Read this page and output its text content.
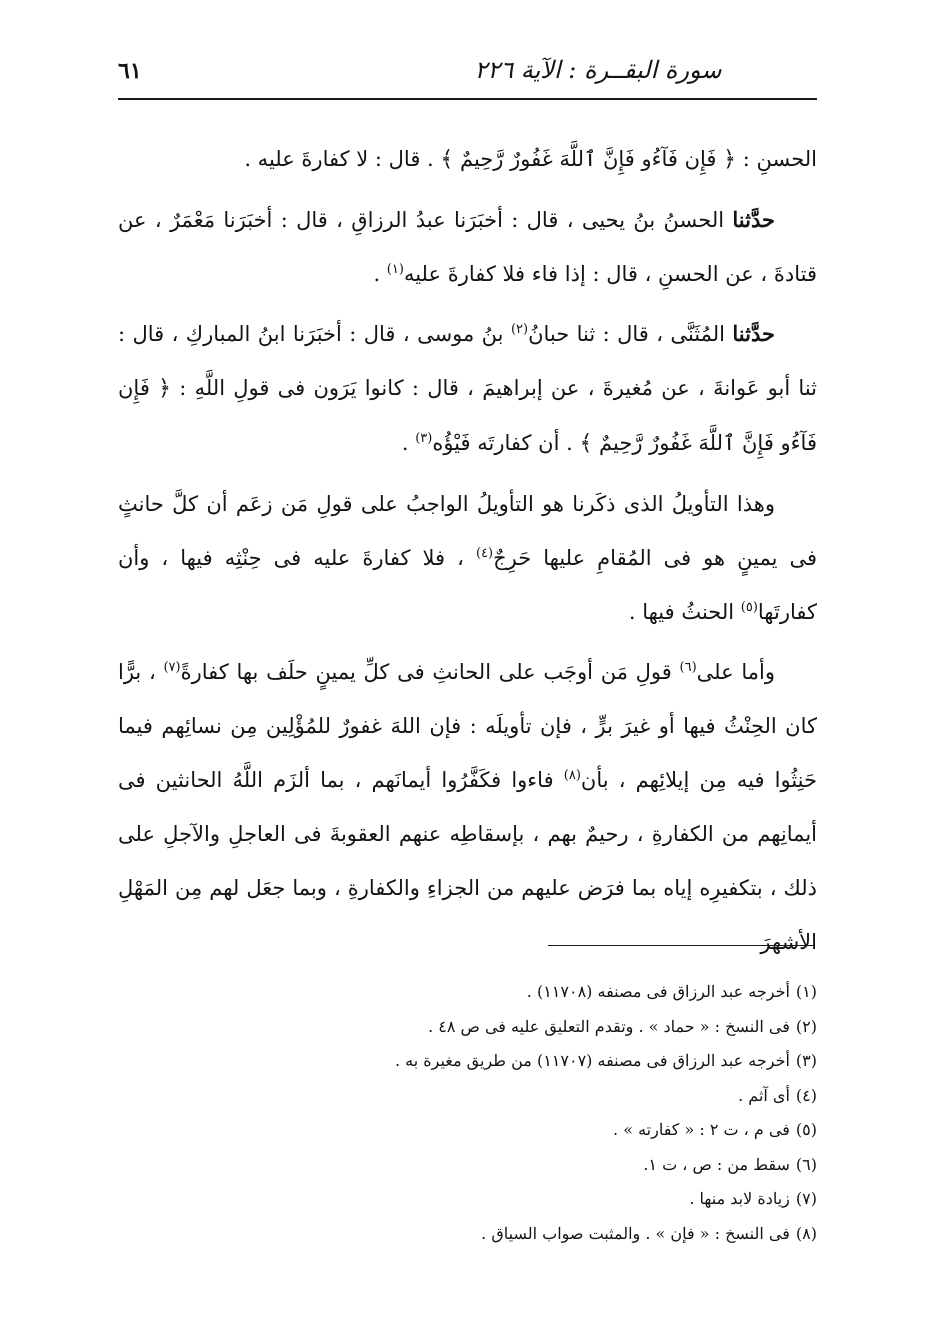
٦١	سورة البقــرة : الآية ٢٢٦

الحسنِ : ﴿ فَإِن فَآءُو فَإِنَّ ٱللَّهَ غَفُورٌ رَّحِيمٌ ﴾ . قال : لا كفارةَ عليه .

حدَّثنا الحسنُ بنُ يحيى ، قال : أخبَرَنا عبدُ الرزاقِ ، قال : أخبَرَنا مَعْمَرٌ ، عن قتادةَ ، عن الحسنِ ، قال : إذا فاء فلا كفارةَ عليه$^{(١)}$ .

حدَّثنا المُثَنَّى ، قال : ثنا حبانُ$^{(٢)}$ بنُ موسى ، قال : أخبَرَنا ابنُ المباركِ ، قال : ثنا أبو عَوانةَ ، عن مُغيرةَ ، عن إبراهيمَ ، قال : كانوا يَرَون فى قولِ اللَّهِ : ﴿ فَإِن فَآءُو فَإِنَّ ٱللَّهَ غَفُورٌ رَّحِيمٌ ﴾ . أن كفارتَه فَيْؤُه$^{(٣)}$ .

وهذا التأويلُ الذى ذكَرنا هو التأويلُ الواجبُ على قولِ مَن زعَم أن كلَّ حانثٍ فى يمينٍ هو فى المُقامِ عليها حَرِجٌ$^{(٤)}$ ، فلا كفارةَ عليه فى حِنْثِه فيها ، وأن كفارتَها$^{(٥)}$ الحنثُ فيها .

وأما على$^{(٦)}$ قولِ مَن أوجَب على الحانثِ فى كلِّ يمينٍ حلَف بها كفارةً$^{(٧)}$ ، برًّا كان الحِنْثُ فيها أو غيرَ برٍّ ، فإن تأويلَه : فإن اللهَ غفورٌ للمُؤْلِين مِن نسائِهم فيما حَنِثُوا فيه مِن إيلائِهم ، بأن$^{(٨)}$ فاءوا فكَفَّرُوا أيمانَهم ، بما ألزَم اللَّهُ الحانثين فى أيمانِهم من الكفارةِ ، رحيمٌ بهم ، بإسقاطِه عنهم العقوبةَ فى العاجلِ والآجلِ على ذلك ، بتكفيرِه إياه بما فرَض عليهم من الجزاءِ والكفارةِ ، وبما جعَل لهم مِن المَهْلِ الأشهرَ

(١)أخرجه عبد الرزاق فى مصنفه (١١٧٠٨) .

(٢)فى النسخ : « حماد » . وتقدم التعليق عليه فى ص ٤٨ .

(٣)أخرجه عبد الرزاق فى مصنفه (١١٧٠٧) من طريق مغيرة به .

(٤)أى آثم .

(٥)فى م ، ت ٢ : « كفارته » .

(٦)سقط من : ص ، ت ١.

(٧)زيادة لابد منها .

(٨)فى النسخ : « فإن » . والمثبت صواب السياق .
